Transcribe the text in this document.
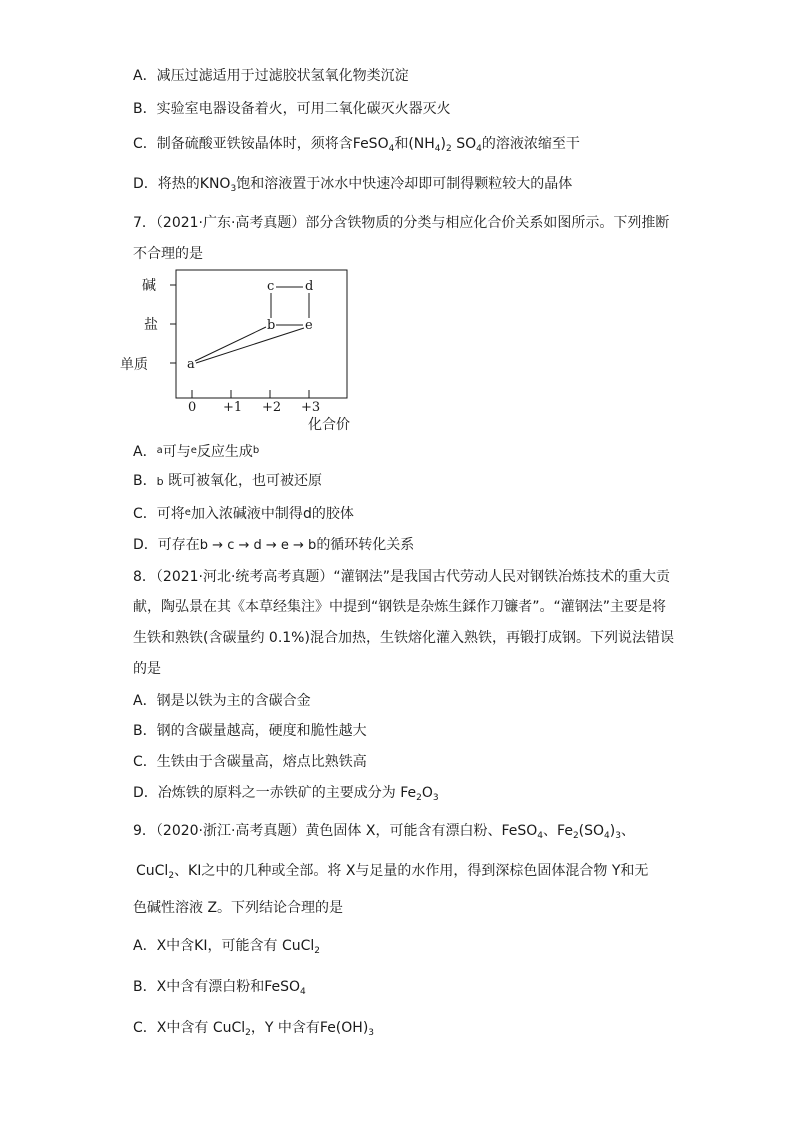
A．减压过滤适用于过滤胶状氢氧化物类沉淀
B．实验室电器设备着火，可用二氧化碳灭火器灭火
C．制备硫酸亚铁铵晶体时，须将含FeSO$_4$和$(NH_4)_2$ $SO_4$的溶液浓缩至干
D．将热的$KNO_3$饱和溶液置于冰水中快速冷却即可制得颗粒较大的晶体
7．（2021·广东·高考真题）部分含铁物质的分类与相应化合价关系如图所示。下列推断
不合理的是
碱
盐
单质
0 +1 +2 +3
化合价
c d
b e
a
A．$^a$可与$^e$反应生成$^b$
B．b 既可被氧化，也可被还原
C．可将$^e$加入浓碱液中制得d的胶体
D．可存在b → c → d → e → b的循环转化关系
8．（2021·河北·统考高考真题）“灌钢法”是我国古代劳动人民对钢铁冶炼技术的重大贡
献，陶弘景在其《本草经集注》中提到“钢铁是杂炼生鍒作刀镰者”。“灌钢法”主要是将
生铁和熟铁(含碳量约 0.1%)混合加热，生铁熔化灌入熟铁，再锻打成钢。下列说法错误
的是
A．钢是以铁为主的含碳合金
B．钢的含碳量越高，硬度和脆性越大
C．生铁由于含碳量高，熔点比熟铁高
D．冶炼铁的原料之一赤铁矿的主要成分为 $Fe_2O_3$
9．（2020·浙江·高考真题）黄色固体 X，可能含有漂白粉、FeSO$_4$、$Fe_2(SO_4)_3$、
CuCl$_2$、KI之中的几种或全部。将 X与足量的水作用，得到深棕色固体混合物 Y和无
色碱性溶液 Z。下列结论合理的是
A．X中含KI，可能含有 CuCl$_2$
B．X中含有漂白粉和FeSO$_4$
C．X中含有 CuCl$_2$，Y 中含有$Fe(OH)_3$
